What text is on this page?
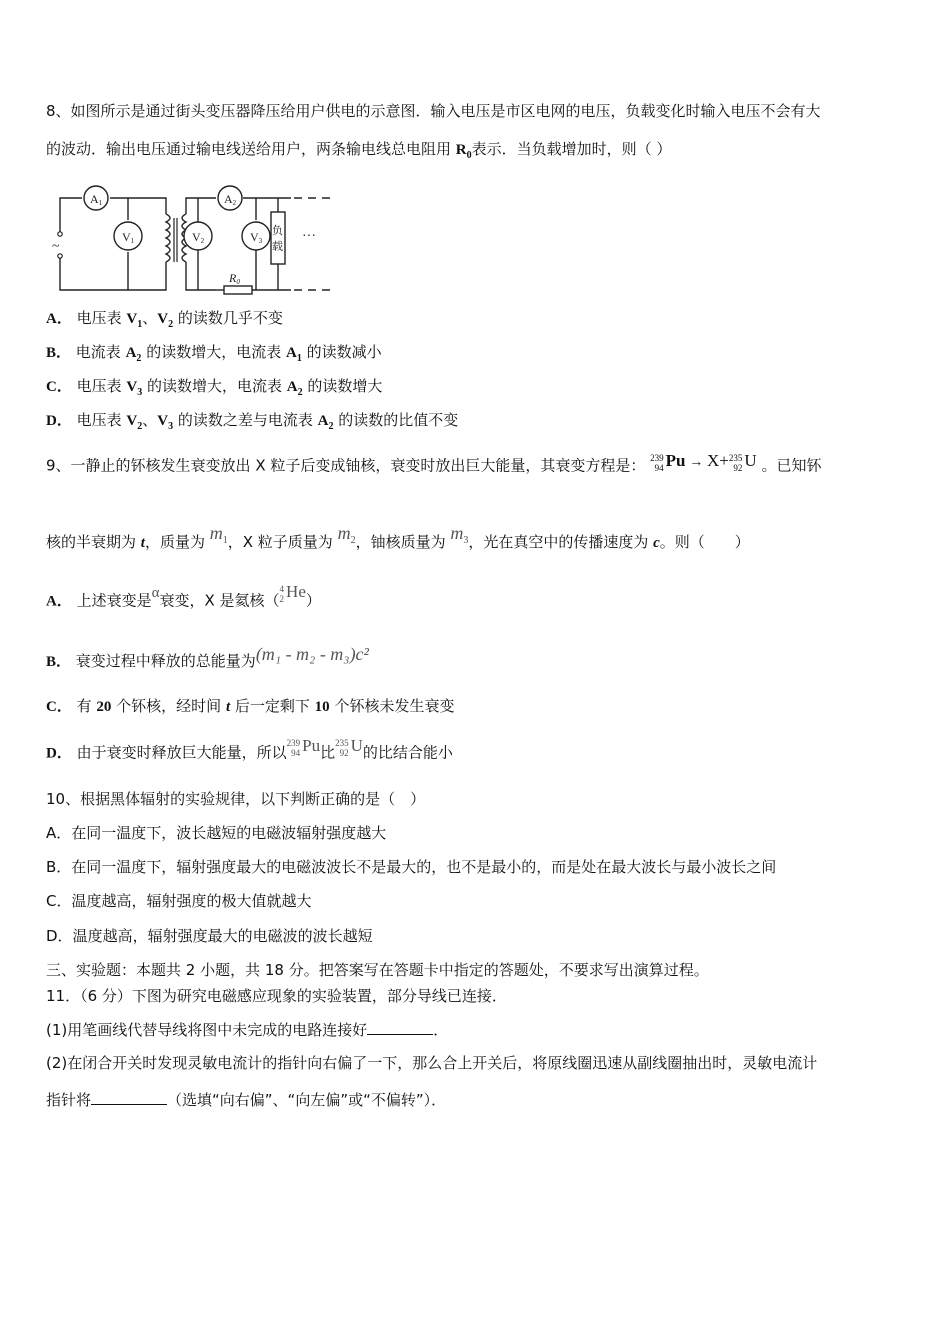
8、如图所示是通过街头变压器降压给用户供电的示意图．输入电压是市区电网的电压，负载变化时输入电压不会有大
的波动．输出电压通过输电线送给用户，两条输电线总电阻用 $R_0$表示．当负载增加时，则（ ）
~
A1
V1
A2
V2	V3
R0
负
载
···
A． 电压表 $V_1$、$V_2$ 的读数几乎不变
B． 电流表 $A_2$ 的读数增大，电流表 $A_1$ 的读数减小
C． 电压表 $V_3$ 的读数增大，电流表 $A_2$ 的读数增大
D． 电压表 $V_2$、$V_3$ 的读数之差与电流表 $A_2$ 的读数的比值不变
9、一静止的钚核发生衰变放出 X 粒子后变成铀核，衰变时放出巨大能量，其衰变方程是： 239
94 Pu → X+ 235
92 U 。已知钚
核的半衰期为 t，质量为 $m_1$，X 粒子质量为 $m_2$，铀核质量为 $m_3$，光在真空中的传播速度为 c。则（　　）
A． 上述衰变是α衰变，X 是氦核（
4
2 He）
B． 衰变过程中释放的总能量为(m₁ - m₂ - m₃)c²
C． 有 20 个钚核，经时间 t 后一定剩下 10 个钚核未发生衰变
D． 由于衰变时释放巨大能量，所以
239
94 Pu比
235
92 U的比结合能小
10、根据黑体辐射的实验规律，以下判断正确的是（　）
A．在同一温度下，波长越短的电磁波辐射强度越大
B．在同一温度下，辐射强度最大的电磁波波长不是最大的，也不是最小的，而是处在最大波长与最小波长之间
C．温度越高，辐射强度的极大值就越大
D．温度越高，辐射强度最大的电磁波的波长越短
三、实验题：本题共 2 小题，共 18 分。把答案写在答题卡中指定的答题处，不要求写出演算过程。
11．（6 分）下图为研究电磁感应现象的实验装置，部分导线已连接．
(1)用笔画线代替导线将图中未完成的电路连接好	．
(2)在闭合开关时发现灵敏电流计的指针向右偏了一下，那么合上开关后，将原线圈迅速从副线圈抽出时，灵敏电流计
指针将	（选填“向右偏”、“向左偏”或“不偏转”）．
